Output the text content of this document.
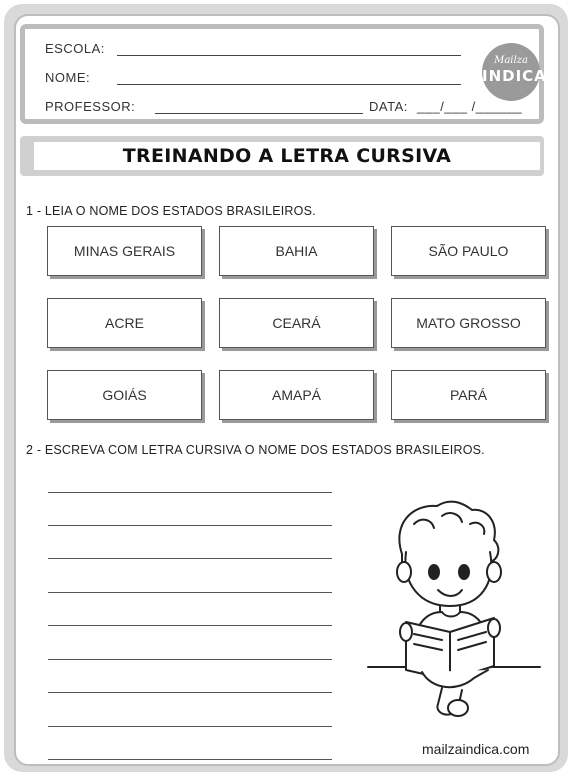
ESCOLA:
NOME:
PROFESSOR:	DATA: ___/___ /______
Mailza
INDICA
TREINANDO A LETRA CURSIVA
1 - LEIA O NOME DOS ESTADOS BRASILEIROS.
MINAS GERAIS	BAHIA	SÃO PAULO
ACRE	CEARÁ	MATO GROSSO
GOIÁS	AMAPÁ	PARÁ
2 - ESCREVA COM LETRA CURSIVA O NOME DOS ESTADOS BRASILEIROS.
mailzaindica.com
